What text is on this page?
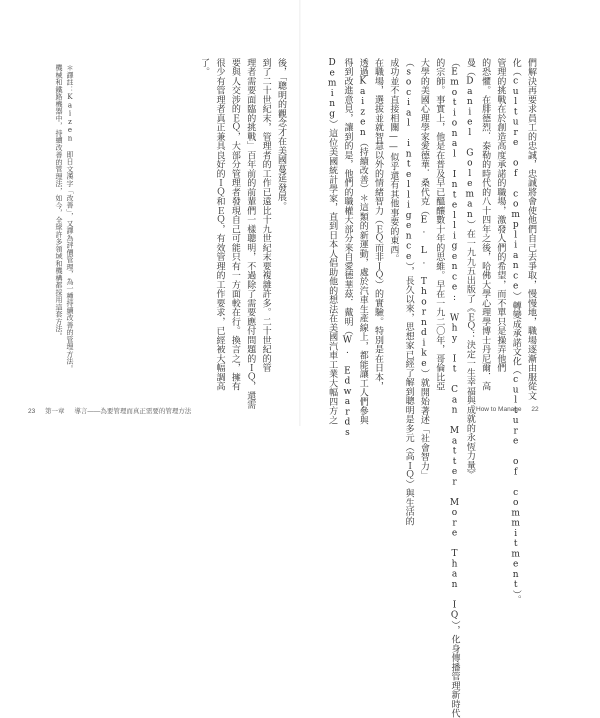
後，「聰明的觀念才在美國蔓延發展。
到了二十世紀末，管理者的工作已遠比十九世紀末要複雜許多。二十世紀的管
理者需要面臨的挑戰」百年前的前輩們一樣聰明，不過除了需要應付問題的ＩＱ，還需
要與人交涉的ＥＱ，大部分管理者發現自己可能只有一方面較在行。換言之，擁有
很少有管理者真正兼具良好的ＩＱ和ＥＱ，有效管理的工作要求，已經被大幅調高
了。
＊譯註：Kaizen 即日文漢字「改善」，又譯為評價管理，為一種持續改善的管理方法。
機械和鐵路機器中，持續改善的管理法，如今，全球許多領域和機構都採用這套方法。	們解決再要求員工的忠誠，忠誠將會使他們自己去爭取，慢慢地，職場逐漸由服從文
化（culture of compliance）轉變成承諾文化（culture of commitment）。
管理的挑戰在於創造高度承諾的職場，激發人們的希望，而不單只是操弄他們
的恐懼。在腓德烈．泰勒的時代的八十四年之後，哈佛大學心理學博士丹尼爾．高
曼（Daniel Goleman）在一九九五出版了《ＥＱ：決定一生幸福與成就的永恆力量》
（Emotional Intelligence: Why It Can Matter More Than IQ），化身傳播管理新時代
的宗師。事實上，他是在普及早已醞釀數十年的思維。早在一九二〇年，哥倫比亞
大學的美國心理學家愛德華．桑代克（E. L. Thorndike）就開始著述「社會智力」
（social intelligence），長久以來，思想家已經了解到聰明是多元（高ＩＱ）與生活的
成功並不直接相關——似乎還有其他事要的東西。
在職場，選拔並就智慧以外的情緒智力（ＥＱ而非ＩＱ）的實驗。特別是在日本，
透過Kaizen（持續改善）＊這類的新運動，處於汽車生產線上，都能讓工人們參與
得到改進意見，讓到的是，他們的職權大部分來自愛德華茲．戴明（W. Edwards
Deming）這位美國統計學家，直到日本人倡助他的想法在美國汽車工業大幅四方之
23 第一章 導言——為要管理而真正需要的管理方法	How to Manage 22
